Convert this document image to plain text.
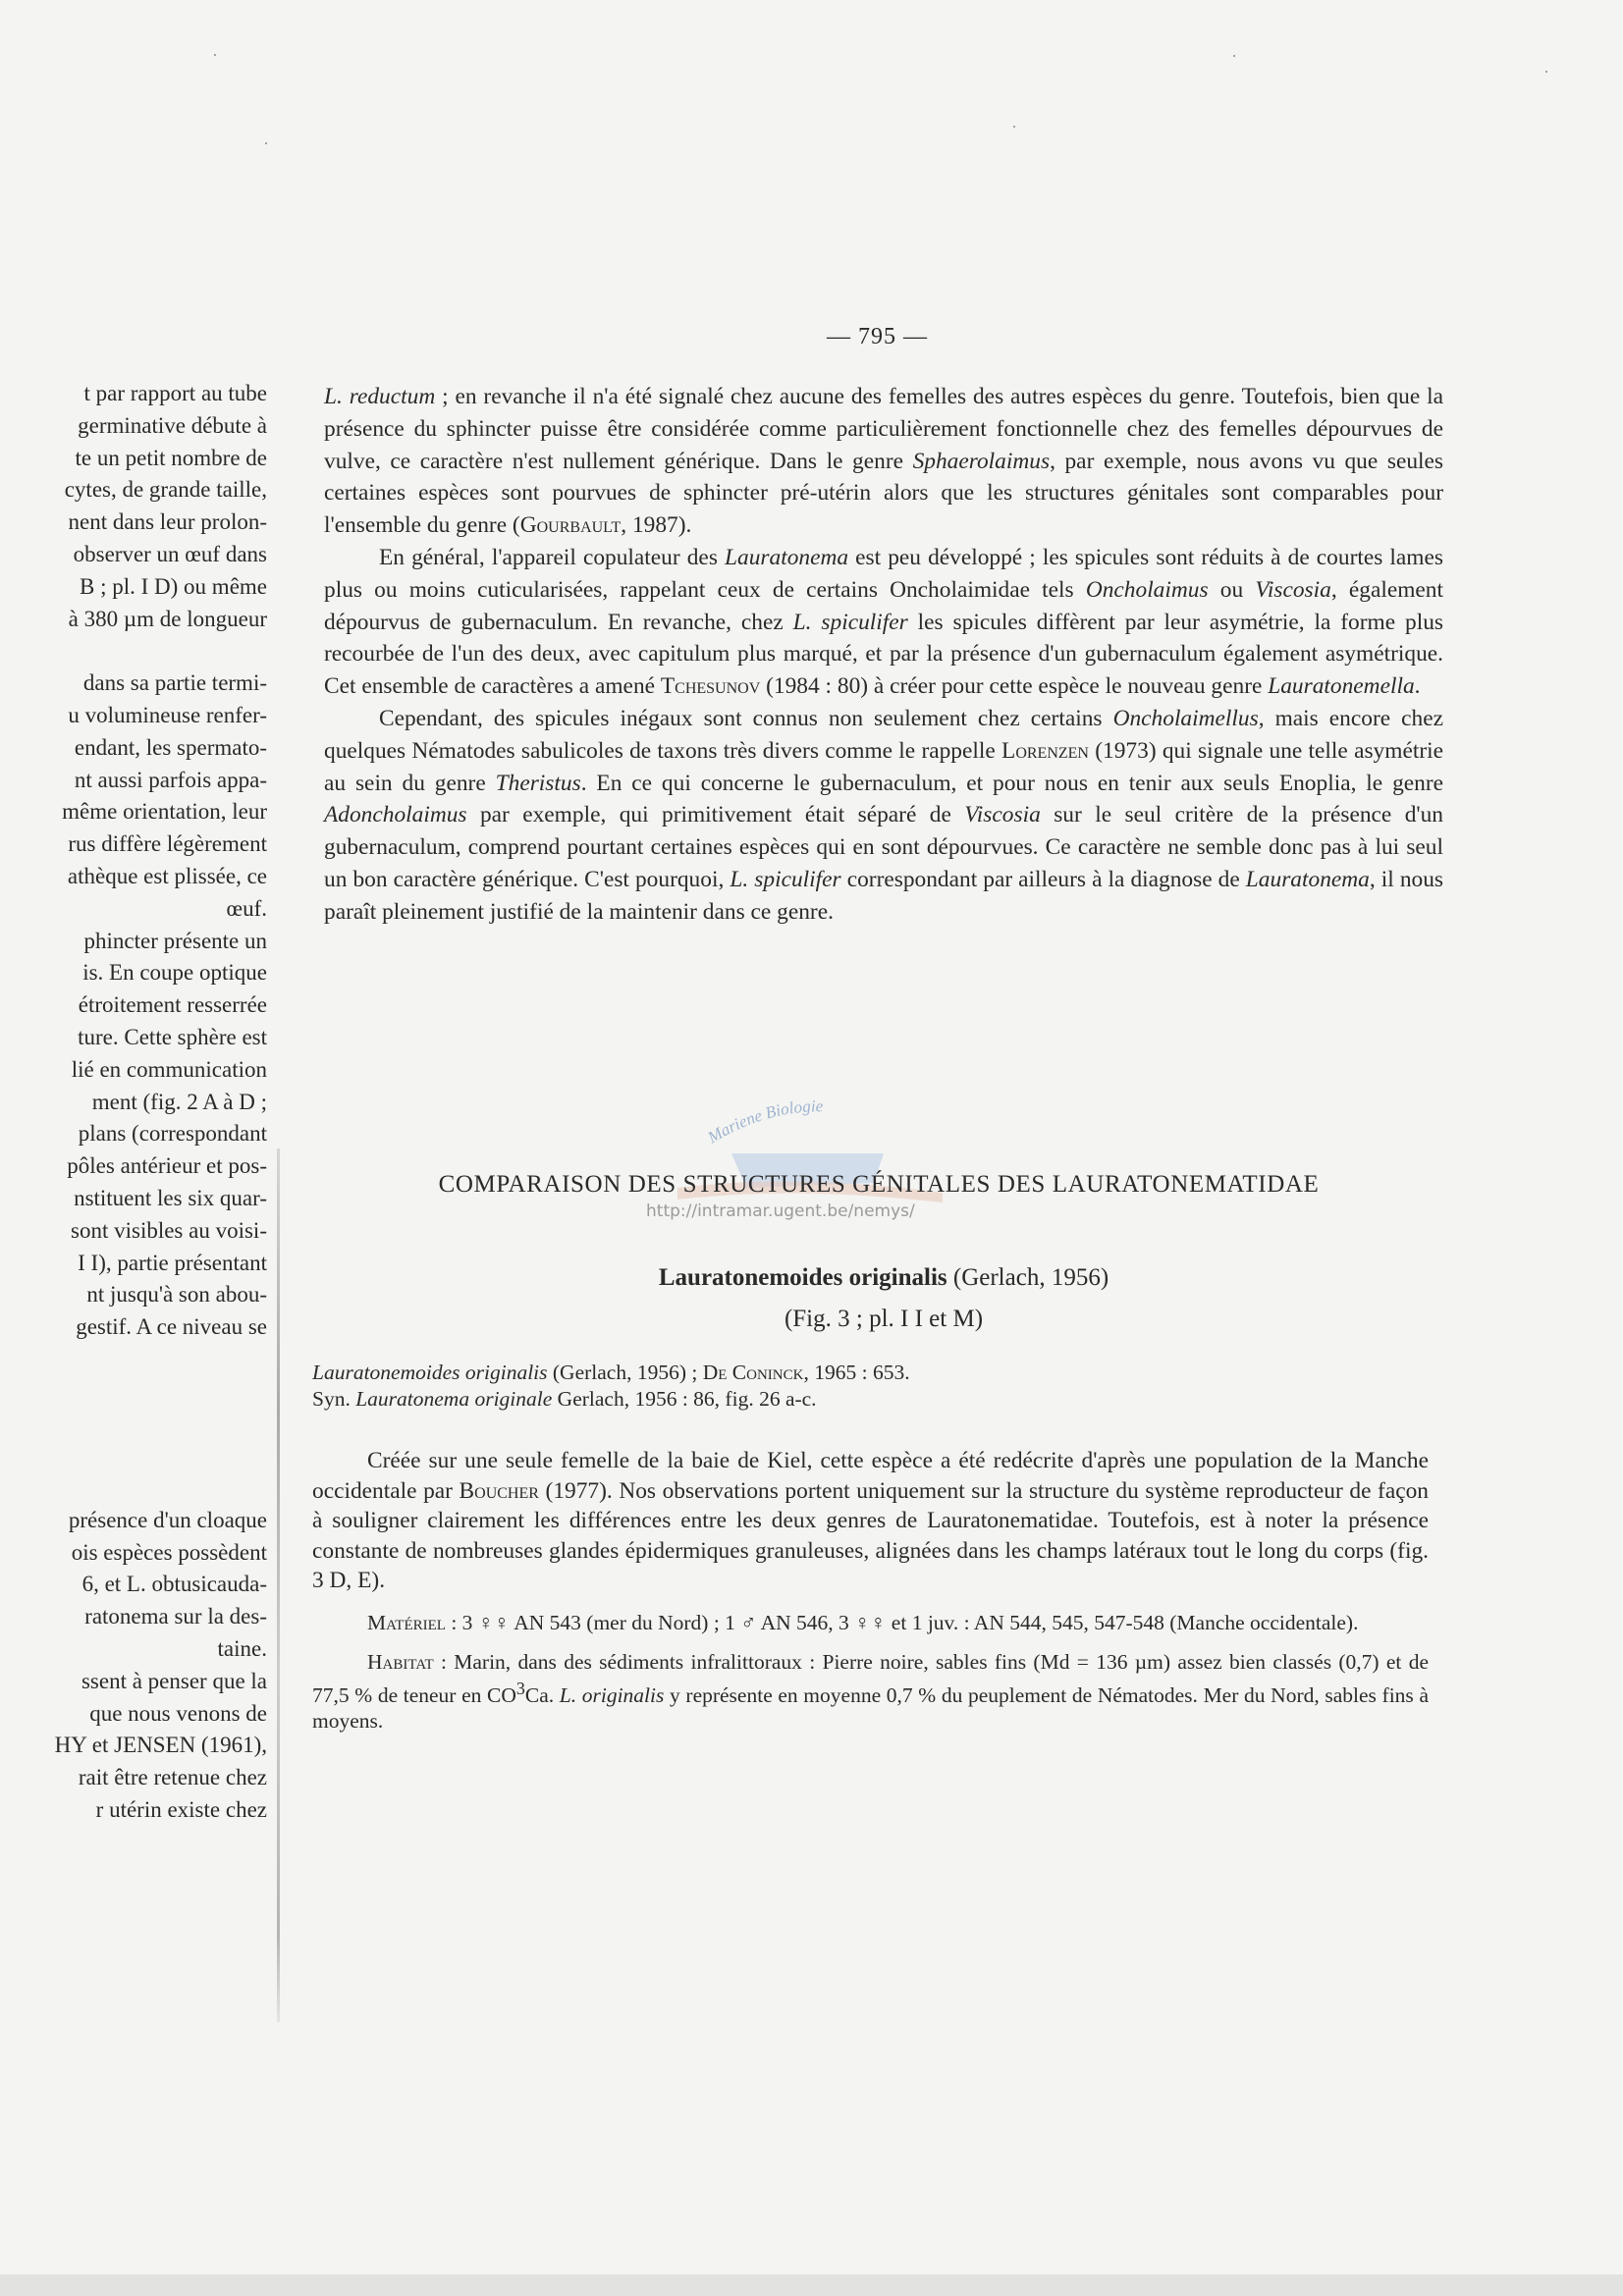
— 795 —
t par rapport au tube
germinative débute à
te un petit nombre de
cytes, de grande taille,
nent dans leur prolon-
observer un œuf dans
B ; pl. I D) ou même
à 380 µm de longueur

dans sa partie termi-
u volumineuse renfer-
endant, les spermato-
nt aussi parfois appa-
même orientation, leur
rus diffère légèrement
athèque est plissée, ce
œuf.
phincter présente un
is. En coupe optique
étroitement resserrée
ture. Cette sphère est
lié en communication
ment (fig. 2 A à D ;
plans (correspondant
pôles antérieur et pos-
nstituent les six quar-
sont visibles au voisi-
I I), partie présentant
nt jusqu'à son abou-
gestif. A ce niveau se

présence d'un cloaque
ois espèces possèdent
6, et L. obtusicauda-
ratonema sur la des-
taine.
ssent à penser que la
que nous venons de
HY et JENSEN (1961),
rait être retenue chez
r utérin existe chez

L. reductum ; en revanche il n'a été signalé chez aucune des femelles des autres espèces du genre. Toutefois, bien que la présence du sphincter puisse être considérée comme particulièrement fonctionnelle chez des femelles dépourvues de vulve, ce caractère n'est nullement générique. Dans le genre Sphaerolaimus, par exemple, nous avons vu que seules certaines espèces sont pourvues de sphincter pré-utérin alors que les structures génitales sont comparables pour l'ensemble du genre (Gourbault, 1987).

En général, l'appareil copulateur des Lauratonema est peu développé ; les spicules sont réduits à de courtes lames plus ou moins cuticularisées, rappelant ceux de certains Oncholaimidae tels Oncholaimus ou Viscosia, également dépourvus de gubernaculum. En revanche, chez L. spiculifer les spicules diffèrent par leur asymétrie, la forme plus recourbée de l'un des deux, avec capitulum plus marqué, et par la présence d'un gubernaculum également asymétrique. Cet ensemble de caractères a amené Tchesunov (1984 : 80) à créer pour cette espèce le nouveau genre Lauratonemella.

Cependant, des spicules inégaux sont connus non seulement chez certains Oncholaimellus, mais encore chez quelques Nématodes sabulicoles de taxons très divers comme le rappelle Lorenzen (1973) qui signale une telle asymétrie au sein du genre Theristus. En ce qui concerne le gubernaculum, et pour nous en tenir aux seuls Enoplia, le genre Adoncholaimus par exemple, qui primitivement était séparé de Viscosia sur le seul critère de la présence d'un gubernaculum, comprend pourtant certaines espèces qui en sont dépourvues. Ce caractère ne semble donc pas à lui seul un bon caractère générique. C'est pourquoi, L. spiculifer correspondant par ailleurs à la diagnose de Lauratonema, il nous paraît pleinement justifié de la maintenir dans ce genre.

Mariene Biologie
http://intramar.ugent.be/nemys/
COMPARAISON DES STRUCTURES GÉNITALES DES LAURATONEMATIDAE
Lauratonemoides originalis (Gerlach, 1956)
(Fig. 3 ; pl. I I et M)
Lauratonemoides originalis (Gerlach, 1956) ; De Coninck, 1965 : 653.
Syn. Lauratonema originale Gerlach, 1956 : 86, fig. 26 a-c.

Créée sur une seule femelle de la baie de Kiel, cette espèce a été redécrite d'après une population de la Manche occidentale par Boucher (1977). Nos observations portent uniquement sur la structure du système reproducteur de façon à souligner clairement les différences entre les deux genres de Lauratonematidae. Toutefois, est à noter la présence constante de nombreuses glandes épidermiques granuleuses, alignées dans les champs latéraux tout le long du corps (fig. 3 D, E).

Matériel : 3 ♀♀ AN 543 (mer du Nord) ; 1 ♂ AN 546, 3 ♀♀ et 1 juv. : AN 544, 545, 547-548 (Manche occidentale).

Habitat : Marin, dans des sédiments infralittoraux : Pierre noire, sables fins (Md = 136 µm) assez bien classés (0,7) et de 77,5 % de teneur en $CO^3Ca$. L. originalis y représente en moyenne 0,7 % du peuplement de Nématodes. Mer du Nord, sables fins à moyens.
